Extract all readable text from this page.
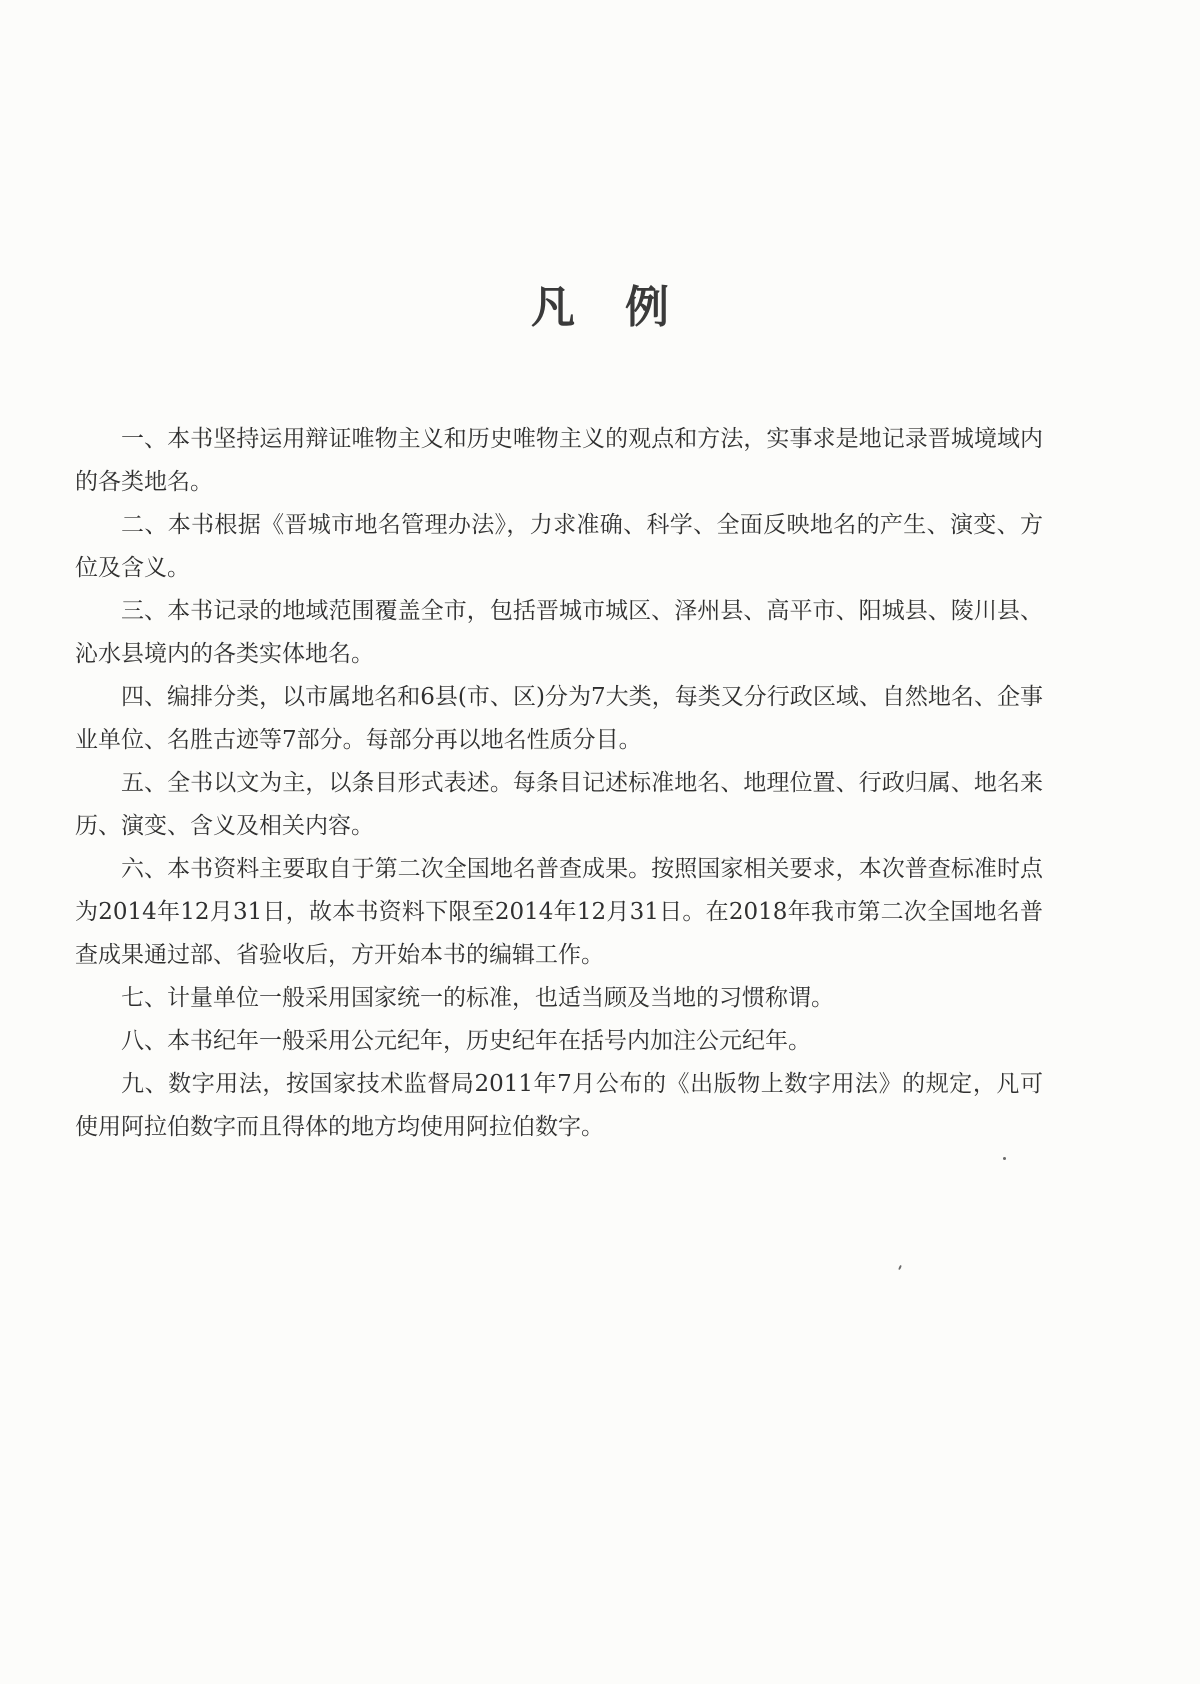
凡例

一、本书坚持运用辩证唯物主义和历史唯物主义的观点和方法，实事求是地记录晋城境域内的各类地名。

二、本书根据《晋城市地名管理办法》，力求准确、科学、全面反映地名的产生、演变、方位及含义。

三、本书记录的地域范围覆盖全市，包括晋城市城区、泽州县、高平市、阳城县、陵川县、沁水县境内的各类实体地名。

四、编排分类，以市属地名和6县(市、区)分为7大类，每类又分行政区域、自然地名、企事业单位、名胜古迹等7部分。每部分再以地名性质分目。

五、全书以文为主，以条目形式表述。每条目记述标准地名、地理位置、行政归属、地名来历、演变、含义及相关内容。

六、本书资料主要取自于第二次全国地名普查成果。按照国家相关要求，本次普查标准时点为2014年12月31日，故本书资料下限至2014年12月31日。在2018年我市第二次全国地名普查成果通过部、省验收后，方开始本书的编辑工作。

七、计量单位一般采用国家统一的标准，也适当顾及当地的习惯称谓。

八、本书纪年一般采用公元纪年，历史纪年在括号内加注公元纪年。

九、数字用法，按国家技术监督局2011年7月公布的《出版物上数字用法》的规定，凡可使用阿拉伯数字而且得体的地方均使用阿拉伯数字。
